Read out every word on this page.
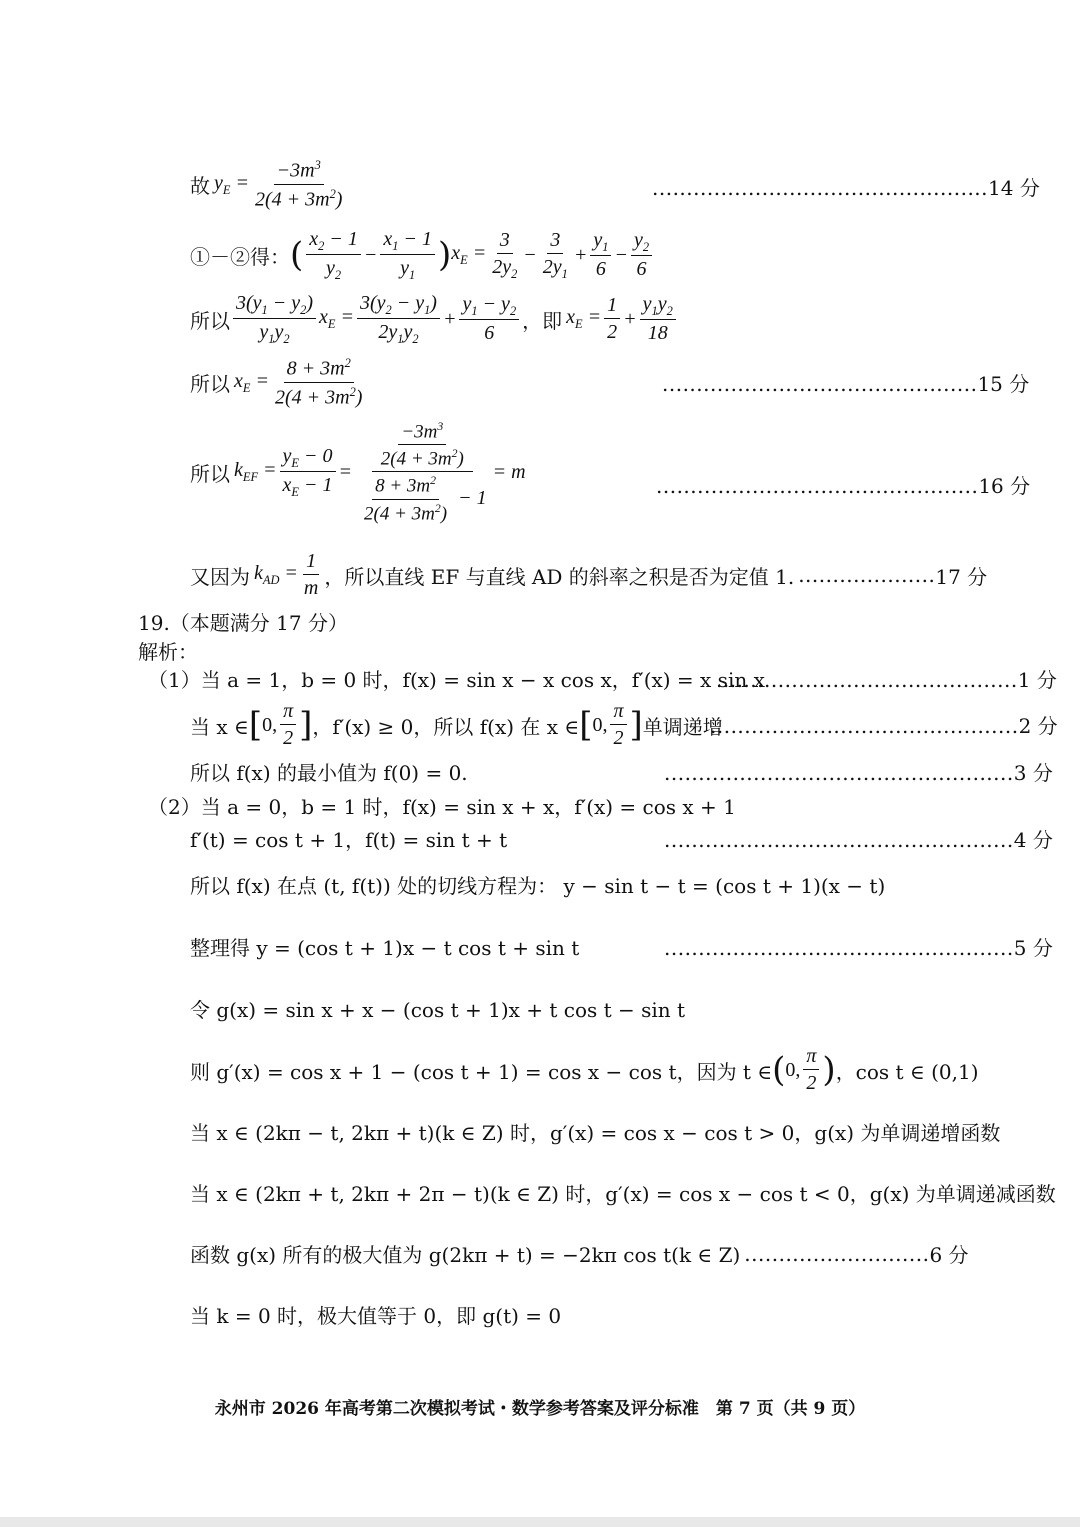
故 $y_E = \frac{-3m^3}{2(4 + 3m^2)}$	.................................................14 分
①－②得： ( $\frac{x_2 - 1}{y_2} - \frac{x_1 - 1}{y_1}$ ) $x_E = \frac{3}{2y_2} - \frac{3}{2y_1} + \frac{y_1}{6} - \frac{y_2}{6}$
所以 $\frac{3(y_1 - y_2)}{y_1y_2} x_E = \frac{3(y_2 - y_1)}{2y_1y_2} + \frac{y_1 - y_2}{6}$ ，即 $x_E = \frac{1}{2} + \frac{y_1y_2}{18}$
所以 $x_E = \frac{8 + 3m^2}{2(4 + 3m^2)}$	..............................................15 分
所以 $k_{EF} = \frac{y_E - 0}{x_E - 1} = \frac{\frac{-3m^3}{2(4 + 3m^2)}}{\frac{8 + 3m^2}{2(4 + 3m^2)} - 1} = m$
...............................................16 分
又因为 $k_{AD} = \frac{1}{m}$ ，所以直线 EF 与直线 AD 的斜率之积是否为定值 1. .................... 17 分
19.（本题满分 17 分）
解析：
（1）当 a = 1，b = 0 时，f(x) = sin x − x cos x，f′(x) = x sin x
............................................1 分
当 x ∈ [ 0, $\frac{\pi}{2}$ ] ，f′(x) ≥ 0，所以 f(x) 在 x ∈ [ 0, $\frac{\pi}{2}$ ] 单调递增
.............................................2 分
所以 f(x) 的最小值为 f(0) = 0.	...................................................3 分
（2）当 a = 0，b = 1 时，f(x) = sin x + x，f′(x) = cos x + 1
f′(t) = cos t + 1，f(t) = sin t + t	...................................................4 分
所以 f(x) 在点 (t, f(t)) 处的切线方程为： y − sin t − t = (cos t + 1)(x − t)
整理得 y = (cos t + 1)x − t cos t + sin t	...................................................5 分
令 g(x) = sin x + x − (cos t + 1)x + t cos t − sin t
则 g′(x) = cos x + 1 − (cos t + 1) = cos x − cos t，因为 t ∈ ( 0, $\frac{\pi}{2}$ ) ，cos t ∈ (0,1)
当 x ∈ (2kπ − t, 2kπ + t)(k ∈ Z) 时，g′(x) = cos x − cos t > 0，g(x) 为单调递增函数
当 x ∈ (2kπ + t, 2kπ + 2π − t)(k ∈ Z) 时，g′(x) = cos x − cos t < 0，g(x) 为单调递减函数
函数 g(x) 所有的极大值为 g(2kπ + t) = −2kπ cos t(k ∈ Z) ........................... 6 分
当 k = 0 时，极大值等于 0，即 g(t) = 0
永州市 2026 年高考第二次模拟考试・数学参考答案及评分标准　第 7 页（共 9 页）
